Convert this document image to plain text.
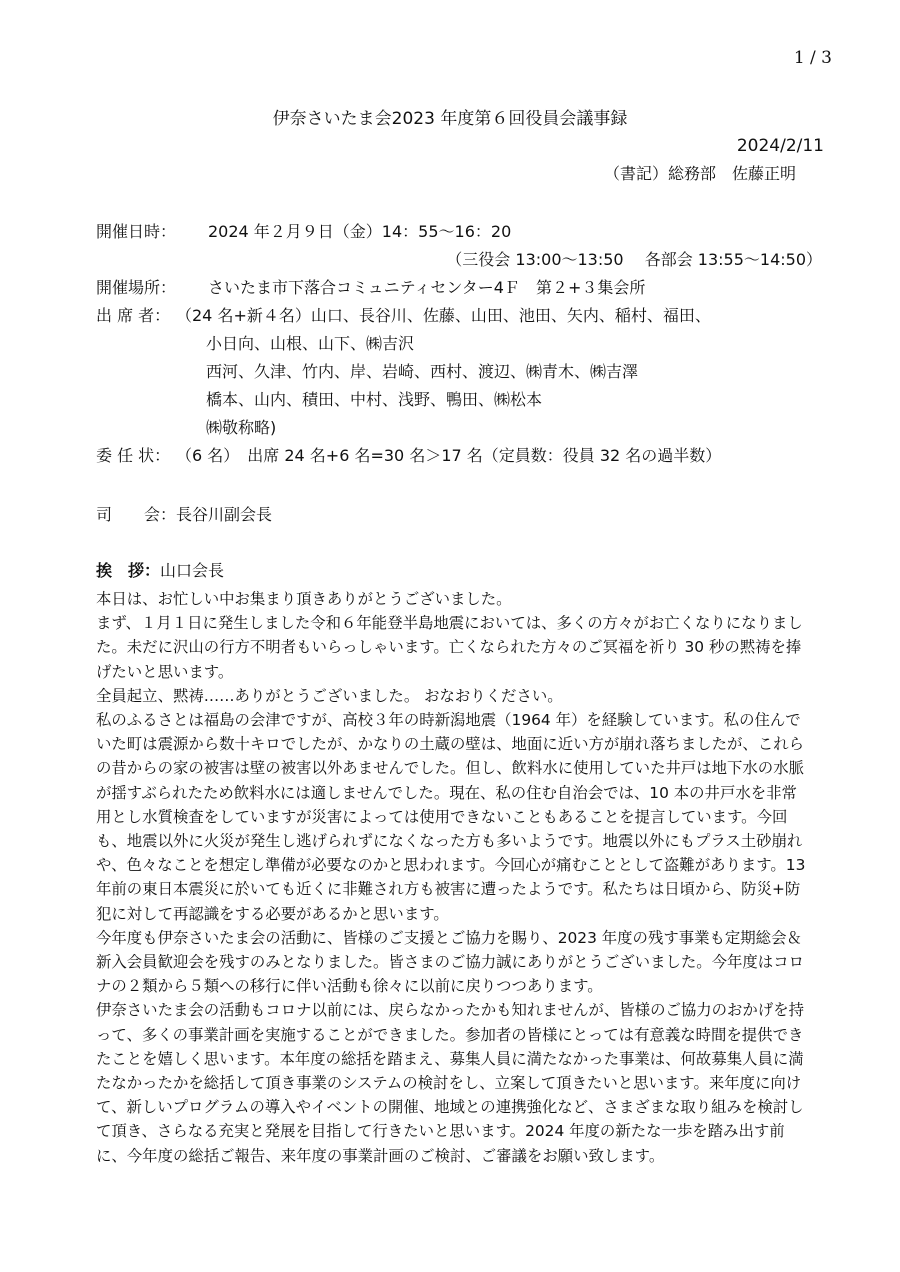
1 / 3
伊奈さいたま会2023 年度第６回役員会議事録
2024/2/11
（書記）総務部　佐藤正明
開催日時： 2024 年２月９日（金）14：55～16：20
（三役会 13:00～13:50　 各部会 13:55～14:50）
開催場所： さいたま市下落合コミュニティセンター4Ｆ　第２+３集会所
出 席 者： （24 名+新４名）山口、長谷川、佐藤、山田、池田、矢内、稲村、福田、
小日向、山根、山下、㈱吉沢
西河、久津、竹内、岸、岩崎、西村、渡辺、㈱青木、㈱吉澤
橋本、山内、積田、中村、浅野、鴨田、㈱松本
㈱敬称略)
委 任 状： （6 名）　出席 24 名+6 名=30 名＞17 名（定員数：役員 32 名の過半数）
司　　会：長谷川副会長
挨　拶：山口会長

本日は、お忙しい中お集まり頂きありがとうございました。

まず、１月１日に発生しました令和６年能登半島地震においては、多くの方々がお亡くなりになりました。未だに沢山の行方不明者もいらっしゃいます。亡くなられた方々のご冥福を祈り 30 秒の黙祷を捧げたいと思います。

全員起立、黙祷……ありがとうございました。 おなおりください。

私のふるさとは福島の会津ですが、高校３年の時新潟地震（1964 年）を経験しています。私の住んでいた町は震源から数十キロでしたが、かなりの土蔵の壁は、地面に近い方が崩れ落ちましたが、これらの昔からの家の被害は壁の被害以外あませんでした。但し、飲料水に使用していた井戸は地下水の水脈が揺すぶられたため飲料水には適しませんでした。現在、私の住む自治会では、10 本の井戸水を非常用とし水質検査をしていますが災害によっては使用できないこともあることを提言しています。今回も、地震以外に火災が発生し逃げられずになくなった方も多いようです。地震以外にもプラス土砂崩れや、色々なことを想定し準備が必要なのかと思われます。今回心が痛むこととして盗難があります。13 年前の東日本震災に於いても近くに非難され方も被害に遭ったようです。私たちは日頃から、防災+防犯に対して再認識をする必要があるかと思います。

今年度も伊奈さいたま会の活動に、皆様のご支援とご協力を賜り、2023 年度の残す事業も定期総会＆新入会員歓迎会を残すのみとなりました。皆さまのご協力誠にありがとうございました。今年度はコロナの２類から５類への移行に伴い活動も徐々に以前に戻りつつあります。

伊奈さいたま会の活動もコロナ以前には、戻らなかったかも知れませんが、皆様のご協力のおかげを持って、多くの事業計画を実施することができました。参加者の皆様にとっては有意義な時間を提供できたことを嬉しく思います。本年度の総括を踏まえ、募集人員に満たなかった事業は、何故募集人員に満たなかったかを総括して頂き事業のシステムの検討をし、立案して頂きたいと思います。来年度に向けて、新しいプログラムの導入やイベントの開催、地域との連携強化など、さまざまな取り組みを検討して頂き、さらなる充実と発展を目指して行きたいと思います。2024 年度の新たな一歩を踏み出す前に、今年度の総括ご報告、来年度の事業計画のご検討、ご審議をお願い致します。
